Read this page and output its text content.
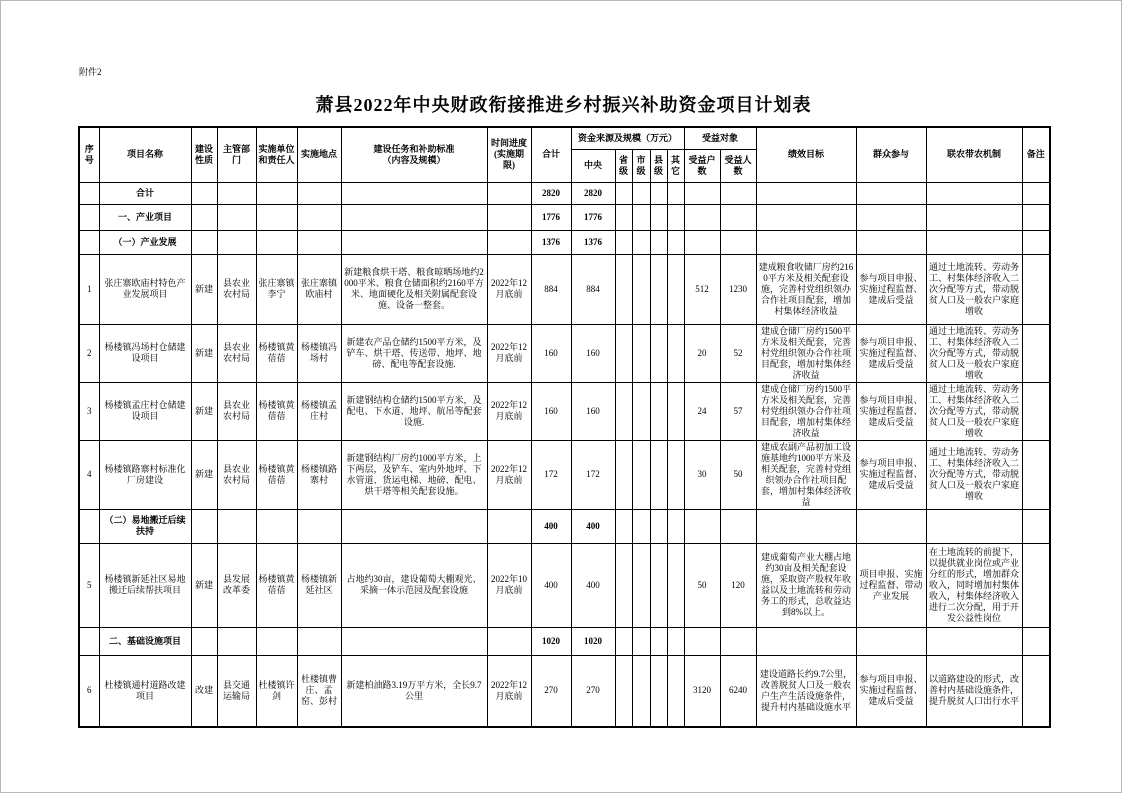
附件2
萧县2022年中央财政衔接推进乡村振兴补助资金项目计划表
序号	项目名称	建设性质	主管部门	实施单位和责任人	实施地点	建设任务和补助标准
（内容及规模）	时间进度(实施期限)	合计	资金来源及规模（万元）					受益对象		绩效目标	群众参与	联农带农机制	备注
									中央	省级	市级	县级	其它	受益户数	受益人数				
	合计							2820	2820										
	一、产业项目							1776	1776										
	（一）产业发展							1376	1376										
1	张庄寨欧庙村特色产业发展项目	新建	县农业农村局	张庄寨镇李宁	张庄寨镇欧庙村	新建粮食烘干塔、粮食晾晒场地约2000平米、粮食仓储面积约2160平方米、地面硬化及相关附属配套设施、设备一整套。	2022年12月底前	884	884					512	1230	建成粮食收储厂房约2160平方米及相关配套设施，完善村党组织领办合作社项目配套，增加村集体经济收益	参与项目申报、实施过程监督、建成后受益	通过土地流转、劳动务工、村集体经济收入二次分配等方式，带动脱贫人口及一般农户家庭增收	
2	杨楼镇冯场村仓储建设项目	新建	县农业农村局	杨楼镇黄蓓蓓	杨楼镇冯场村	新建农产品仓储约1500平方米，及铲车、烘干塔、传送带、地坪、地磅、配电等配套设施.	2022年12月底前	160	160					20	52	建成仓储厂房约1500平方米及相关配套，完善村党组织领办合作社项目配套，增加村集体经济收益	参与项目申报、实施过程监督、建成后受益	通过土地流转、劳动务工、村集体经济收入二次分配等方式，带动脱贫人口及一般农户家庭增收	
3	杨楼镇孟庄村仓储建设项目	新建	县农业农村局	杨楼镇黄蓓蓓	杨楼镇孟庄村	新建钢结构仓储约1500平方米，及配电、下水道、地坪、航吊等配套设施.	2022年12月底前	160	160					24	57	建成仓储厂房约1500平方米及相关配套，完善村党组织领办合作社项目配套，增加村集体经济收益	参与项目申报、实施过程监督、建成后受益	通过土地流转、劳动务工、村集体经济收入二次分配等方式，带动脱贫人口及一般农户家庭增收	
4	杨楼镇路寨村标准化厂房建设	新建	县农业农村局	杨楼镇黄蓓蓓	杨楼镇路寨村	新建钢结构厂房约1000平方米，上下两层，及铲车、室内外地坪、下水管道、货运电梯、地磅、配电、烘干塔等相关配套设施。	2022年12月底前	172	172					30	50	建成农副产品初加工设施基地约1000平方米及相关配套，完善村党组织领办合作社项目配套，增加村集体经济收益	参与项目申报、实施过程监督、建成后受益	通过土地流转、劳动务工、村集体经济收入二次分配等方式，带动脱贫人口及一般农户家庭增收	
	（二）易地搬迁后续扶持							400	400										
5	杨楼镇新延社区易地搬迁后续帮扶项目	新建	县发展改革委	杨楼镇黄蓓蓓	杨楼镇新延社区	占地约30亩，建设葡萄大棚观光、采摘一体示范园及配套设施	2022年10月底前	400	400					50	120	建成葡萄产业大棚占地约30亩及相关配套设施，采取资产股权年收益以及土地流转和劳动务工的形式，总收益达到8%以上。	项目申报、实施过程监督、带动产业发展	在土地流转的前提下，以提供就业岗位或产业分红的形式，增加群众收入，同时增加村集体收入，村集体经济收入进行二次分配，用于开发公益性岗位	
	二、基础设施项目							1020	1020										
6	杜楼镇通村道路改建项目	改建	县交通运输局	杜楼镇许剑	杜楼镇曹庄、孟窑、彭村	新建柏油路3.19万平方米，全长9.7公里	2022年12月底前	270	270					3120	6240	建设道路长约9.7公里，改善脱贫人口及一般农户生产生活设施条件，提升村内基础设施水平	参与项目申报、实施过程监督、建成后受益	以道路建设的形式，改善村内基础设施条件，提升脱贫人口出行水平	
